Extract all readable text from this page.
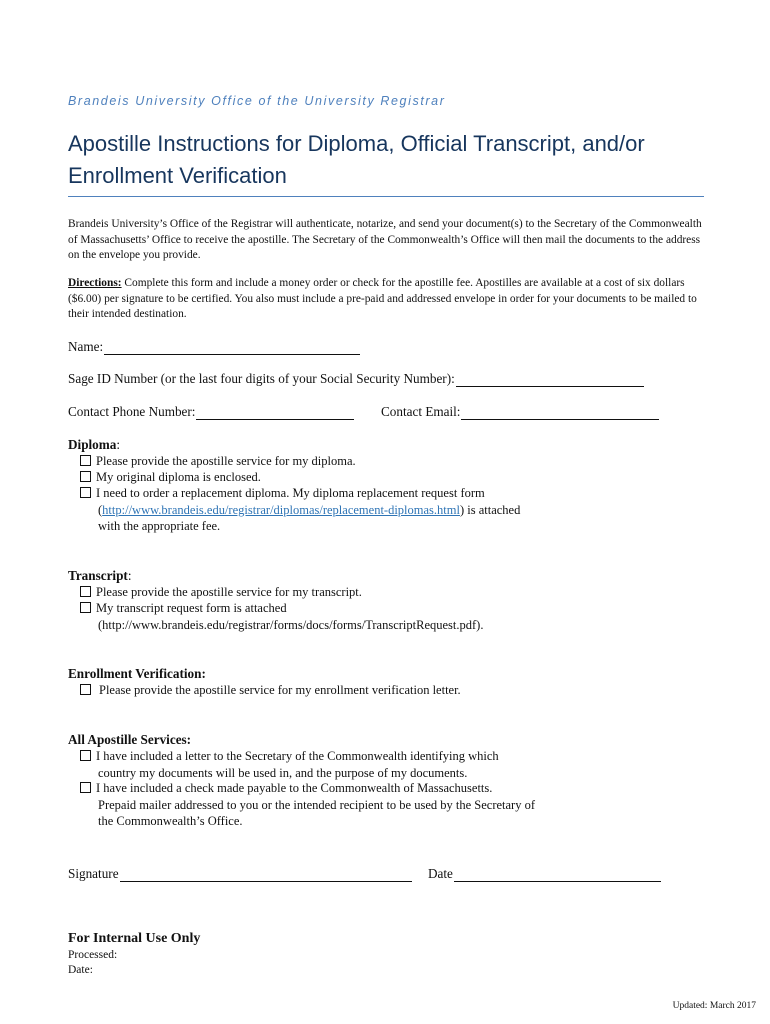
Brandeis University Office of the University Registrar
Apostille Instructions for Diploma, Official Transcript, and/or Enrollment Verification

Brandeis University’s Office of the Registrar will authenticate, notarize, and send your document(s) to the Secretary of the Commonwealth of Massachusetts’ Office to receive the apostille. The Secretary of the Commonwealth’s Office will then mail the documents to the address on the envelope you provide.

Directions: Complete this form and include a money order or check for the apostille fee. Apostilles are available at a cost of six dollars ($6.00) per signature to be certified. You also must include a pre-paid and addressed envelope in order for your documents to be mailed to their intended destination.

Name:
Sage ID Number (or the last four digits of your Social Security Number):
Contact Phone Number:	Contact Email:
Diploma:
Please provide the apostille service for my diploma.
My original diploma is enclosed.
I need to order a replacement diploma. My diploma replacement request form
(http://www.brandeis.edu/registrar/diplomas/replacement-diplomas.html) is attached
with the appropriate fee.
Transcript:
Please provide the apostille service for my transcript.
My transcript request form is attached
(http://www.brandeis.edu/registrar/forms/docs/forms/TranscriptRequest.pdf).
Enrollment Verification:
Please provide the apostille service for my enrollment verification letter.
All Apostille Services:
I have included a letter to the Secretary of the Commonwealth identifying which
country my documents will be used in, and the purpose of my documents.
I have included a check made payable to the Commonwealth of Massachusetts.
Prepaid mailer addressed to you or the intended recipient to be used by the Secretary of
the Commonwealth’s Office.
Signature	Date
For Internal Use Only
Processed:
Date:
Updated: March 2017
